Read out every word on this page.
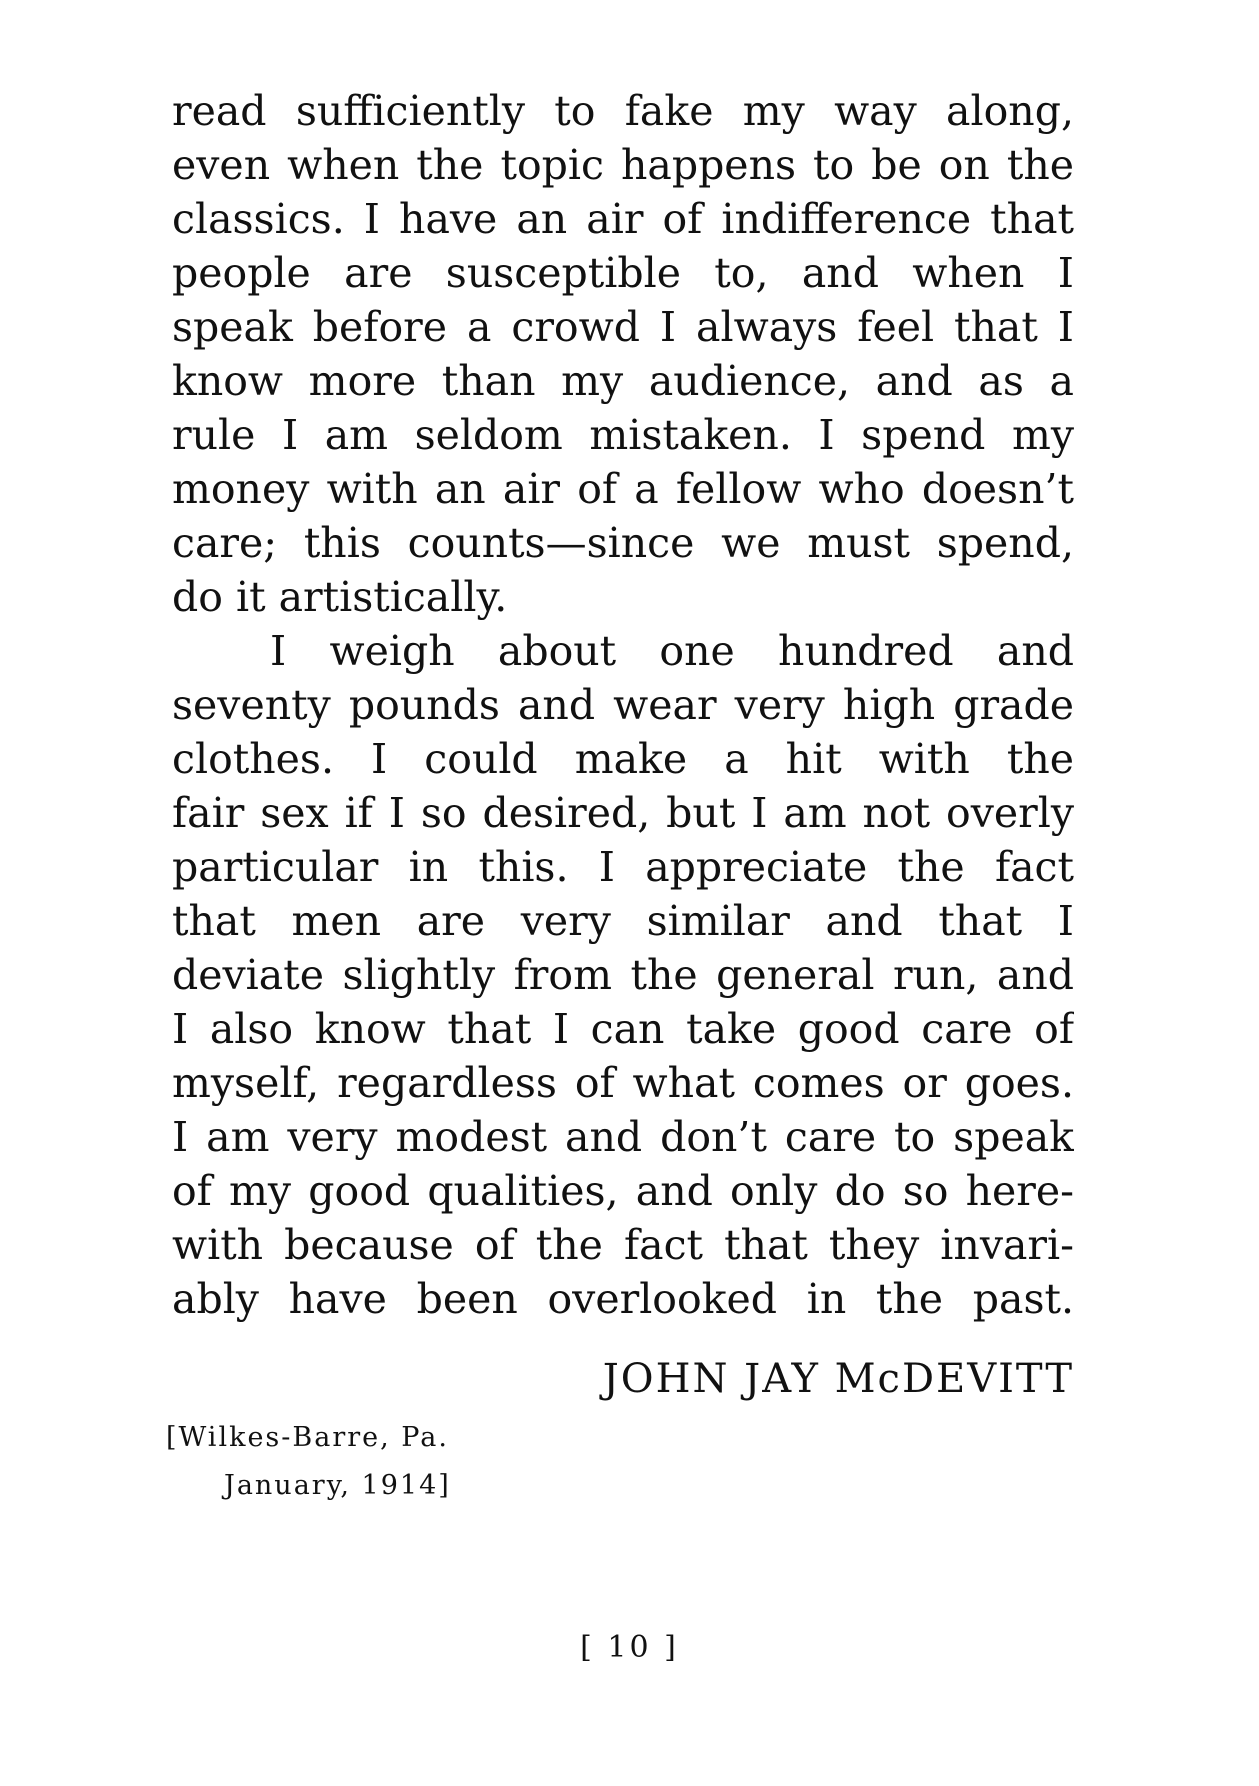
read sufficiently to fake my way along,
even when the topic happens to be on the
classics. I have an air of indifference that
people are susceptible to, and when I
speak before a crowd I always feel that I
know more than my audience, and as a
rule I am seldom mistaken. I spend my
money with an air of a fellow who doesn’t
care; this counts—since we must spend,
do it artistically.
I weigh about one hundred and
seventy pounds and wear very high grade
clothes. I could make a hit with the
fair sex if I so desired, but I am not overly
particular in this. I appreciate the fact
that men are very similar and that I
deviate slightly from the general run, and
I also know that I can take good care of
myself, regardless of what comes or goes.
I am very modest and don’t care to speak
of my good qualities, and only do so here-
with because of the fact that they invari-
ably have been overlooked in the past.
JOHN JAY McDEVITT
[Wilkes-Barre, Pa.
January, 1914]
[ 10 ]
